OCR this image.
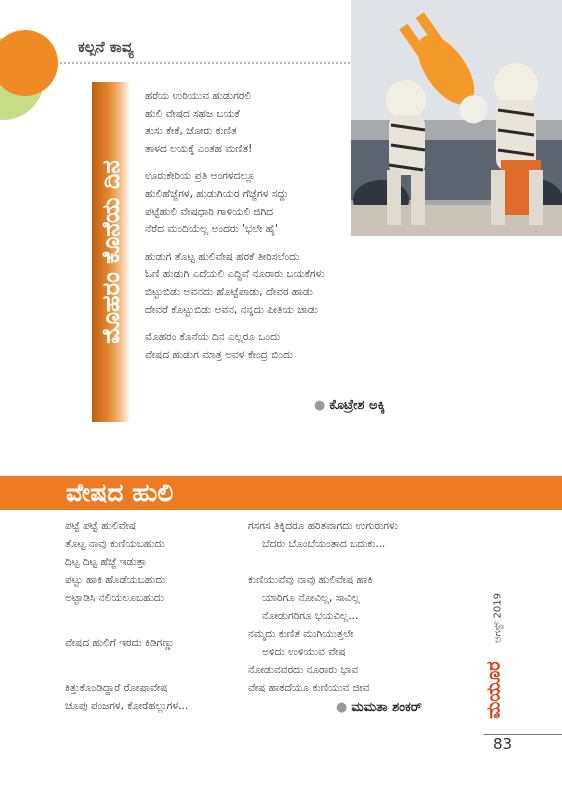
ಕಲ್ಪನೆ ಕಾವ್ಯ
ಮೊಹರಂ ಕೊನೆಯ ದಿನ

ಹರೆಯ ಉರಿಯುವ ಹುಡುಗರಲಿ
ಹುಲಿ ವೇಷದ ಸಹಜ ಬಯಕೆ
ತುಸು ಕೇಕೆ, ಜೋರು ಕುಣಿತ
ತಾಳದ ಲಯಕ್ಕೆ ಎಂತಹ ಮಣಿತ!

ಊರುಕೇರಿಯ ಪ್ರತಿ ಅಂಗಳದಲ್ಲೂ
ಹುಲಿಹೆಜ್ಜೆಗಳ, ಹುಡುಗಿಯರ ಗೆಜ್ಜೆಗಳ ಸದ್ದು
ಪಟ್ಟೆಹುಲಿ ವೇಷಧಾರಿ ಗಾಳಿಯಲಿ ಜಿಗಿದ
ನೆರೆದ ಮಂದಿಯೆಲ್ಲ ಅಂದರು 'ಭಲೇ ಹೈ'

ಹುಡುಗ ತೊಟ್ಟ ಹುಲಿವೇಷ ಹರಕೆ ತೀರಿಸಲೆಂದು
ಓಣಿ ಹುಡುಗಿ ಎದೆಯಲಿ ಎದ್ದಿವೆ ನೂರಾರು ಬಯಕೆಗಳು
ಬಿಟ್ಟುಬಿಡು ಅವನದು ಹೊಟ್ಟೆಪಾಡು, ದೇವರ ಹಾಡು
ದೇವರೆ ಕೊಟ್ಟುಬಿಡು ಅವನ, ನನ್ನದು ಪೀತಿಯ ಜಾಡು

ಮೊಹರಂ ಕೊನೆಯ ದಿನ ಎಲ್ಲರೂ ಒಂದು
ವೇಷದ ಹುಡುಗ ಮಾತ್ರ ಅವಳ ಕೇಂದ್ರ ಬಿಂದು

● ಕೊಟ್ರೇಶ ಅಕ್ಕಿ
ವೇಷದ ಹುಲಿ
ಪಟ್ಟೆ ಪಟ್ಟೆ ಹುಲಿವೇಷ
ತೊಟ್ಟ ನಾವು ಕುಣಿಯಬಹುದು
ದಿಟ್ಟ ದಿಟ್ಟ ಹೆಜ್ಜೆ ಇಡುತ್ತಾ
ಪಟ್ಟು ಹಾಕಿ ಹೊಡೆಯಬಹುದು
ಅಟ್ಟಾಡಿಸಿ ನಲಿಯಲೂಬಹುದು
ವೇಷದ ಹುಲಿಗೆ ಇರದು ಕಿಡಿಗಣ್ಣು
ಕಿತ್ತುಕೊಂಡಿದ್ದಾರೆ ರೋಷಾವೇಷ
ಚೂಪು ಪಂಜಗಳ, ಕೋರೆಹಲ್ಲುಗಳ...
ಗಸಗಸ ತಿಕ್ಕಿದರೂ ಹರಿತವಾಗದು ಉಗುರುಗಳು
ಬೆದರು ಬೊಂಬೆಯಂತಾದ ಬದುಕು...
ಕುಣಿಯುವೆವು ನಾವು ಹುಲಿವೇಷ ಹಾಕಿ
ಯಾರಿಗೂ ನೋವಿಲ್ಲ, ಸಾವಿಲ್ಲ
ನೋಡುಗರಿಗೂ ಭಯವಿಲ್ಲ...
ನಮ್ಮದು ಕುಣಿತ ಮುಗಿಯುತ್ತಲೇ
ಅಳಿದು ಉಳಿಯುವ ವೇಷ
ನೋಡುವವರದು ನೂರಾರು ಭಾವ
ವೇಷ ಹಾಕದೆಯೂ ಕುಣಿಯುವ ಜೀವ
● ಮಮತಾ ಶಂಕರ್
ಆಗಸ್ಟ್ 2019
ಮಯೂರ
83
